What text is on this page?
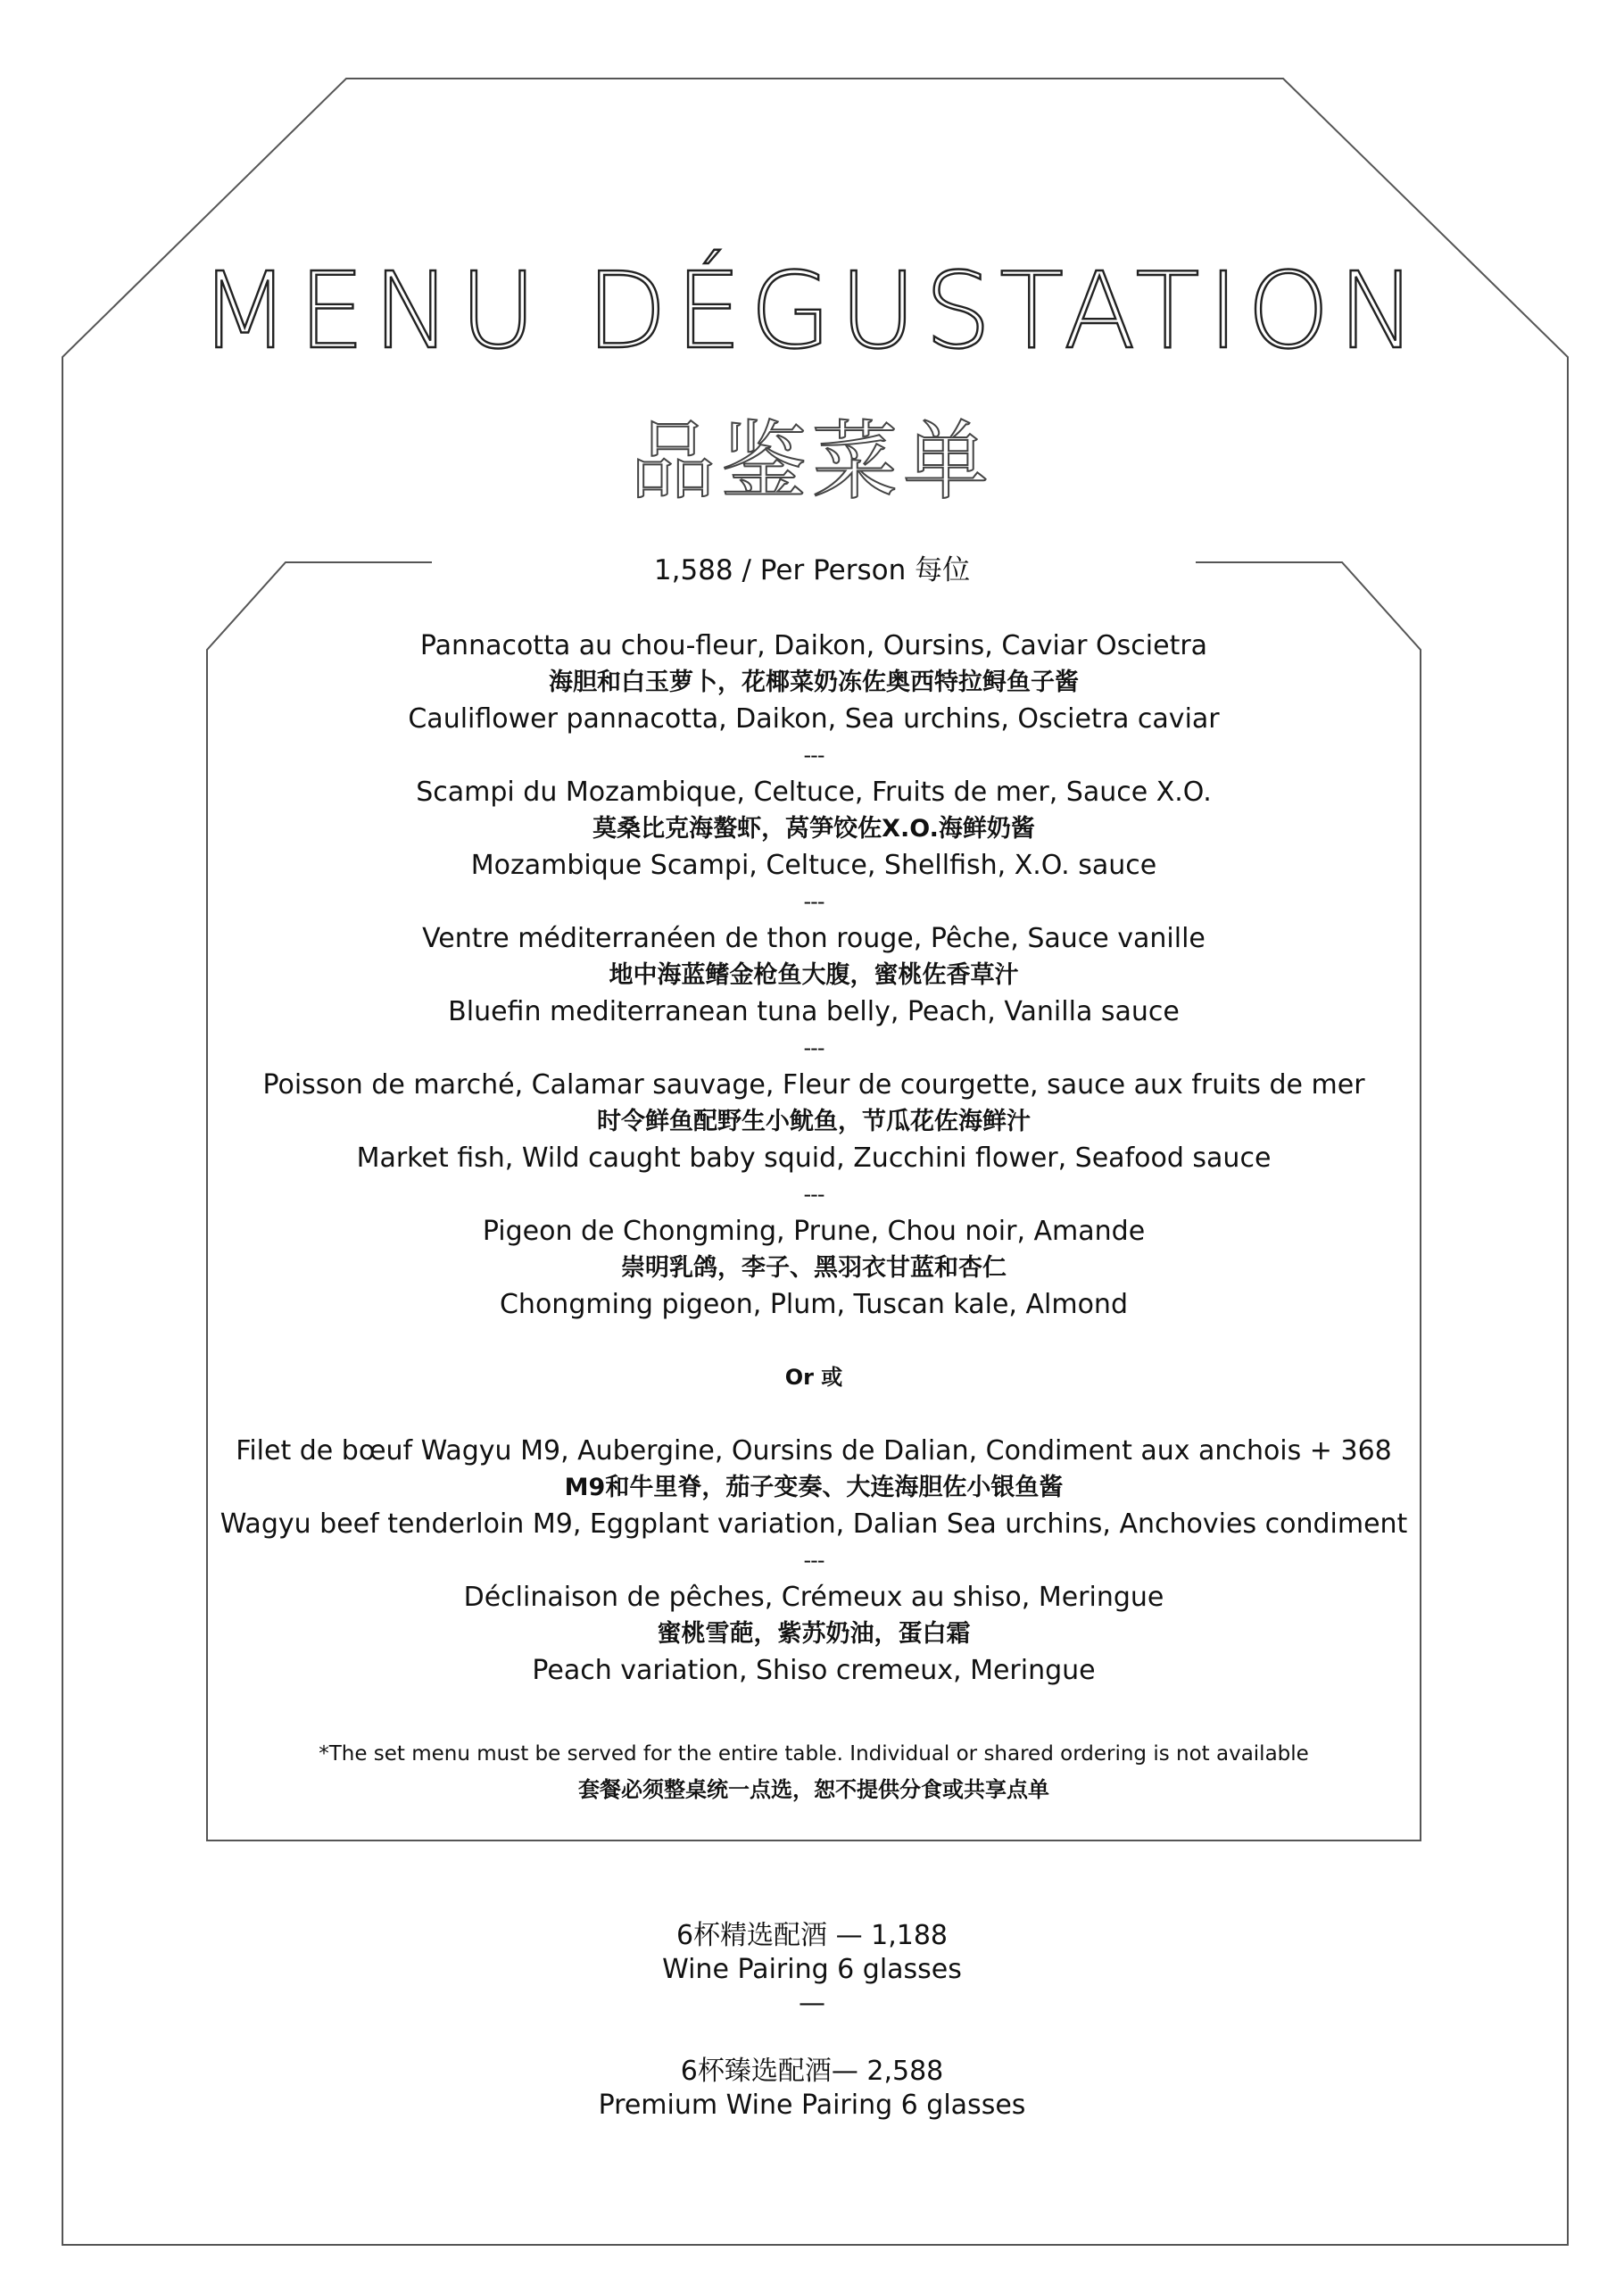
MENU DÉGUSTATION
品鉴菜单
1,588 / Per Person 每位
Pannacotta au chou-fleur, Daikon, Oursins, Caviar Oscietra
海胆和白玉萝卜，花椰菜奶冻佐奥西特拉鲟鱼子酱
Cauliflower pannacotta, Daikon, Sea urchins, Oscietra caviar
---
Scampi du Mozambique, Celtuce, Fruits de mer, Sauce X.O.
莫桑比克海螯虾，莴笋饺佐X.O.海鲜奶酱
Mozambique Scampi, Celtuce, Shellfish, X.O. sauce
---
Ventre méditerranéen de thon rouge, Pêche, Sauce vanille
地中海蓝鳍金枪鱼大腹，蜜桃佐香草汁
Bluefin mediterranean tuna belly, Peach, Vanilla sauce
---
Poisson de marché, Calamar sauvage, Fleur de courgette, sauce aux fruits de mer
时令鲜鱼配野生小鱿鱼，节瓜花佐海鲜汁
Market fish, Wild caught baby squid, Zucchini flower, Seafood sauce
---
Pigeon de Chongming, Prune, Chou noir, Amande
崇明乳鸽，李子、黑羽衣甘蓝和杏仁
Chongming pigeon, Plum, Tuscan kale, Almond
Or 或
Filet de bœuf Wagyu M9, Aubergine, Oursins de Dalian, Condiment aux anchois + 368
M9和牛里脊，茄子变奏、大连海胆佐小银鱼酱
Wagyu beef tenderloin M9, Eggplant variation, Dalian Sea urchins, Anchovies condiment
---
Déclinaison de pêches, Crémeux au shiso, Meringue
蜜桃雪葩，紫苏奶油，蛋白霜
Peach variation, Shiso cremeux, Meringue
*The set menu must be served for the entire table. Individual or shared ordering is not available
套餐必须整桌统一点选，恕不提供分食或共享点单
6杯精选配酒 — 1,188
Wine Pairing 6 glasses
—
6杯臻选配酒— 2,588
Premium Wine Pairing 6 glasses
